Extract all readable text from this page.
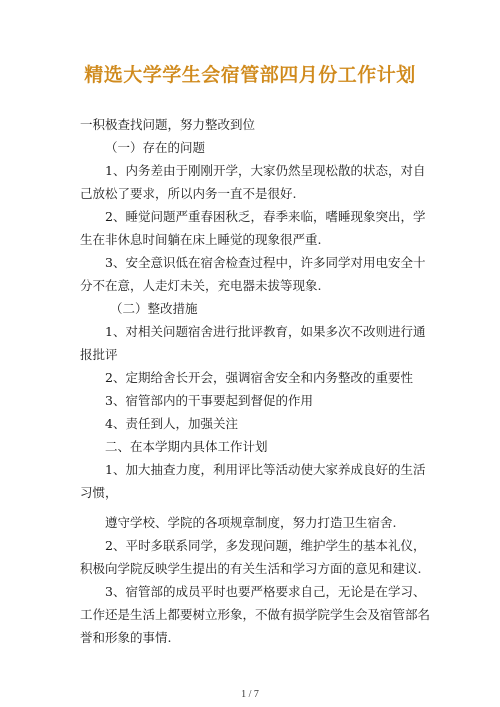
精选大学学生会宿管部四月份工作计划

一积极查找问题，努力整改到位

（一）存在的问题

1、内务差由于刚刚开学，大家仍然呈现松散的状态，对自己放松了要求，所以内务一直不是很好.

2、睡觉问题严重春困秋乏，春季来临，嗜睡现象突出，学生在非休息时间躺在床上睡觉的现象很严重.

3、安全意识低在宿舍检查过程中，许多同学对用电安全十分不在意，人走灯未关，充电器未拔等现象.

（二）整改措施

1、对相关问题宿舍进行批评教育，如果多次不改则进行通报批评

2、定期给舍长开会，强调宿舍安全和内务整改的重要性

3、宿管部内的干事要起到督促的作用

4、责任到人，加强关注

二、在本学期内具体工作计划

1、加大抽查力度，利用评比等活动使大家养成良好的生活习惯，

遵守学校、学院的各项规章制度，努力打造卫生宿舍.

2、平时多联系同学，多发现问题，维护学生的基本礼仪，积极向学院反映学生提出的有关生活和学习方面的意见和建议.

3、宿管部的成员平时也要严格要求自己，无论是在学习、工作还是生活上都要树立形象，不做有损学院学生会及宿管部名誉和形象的事情.

1 / 7
